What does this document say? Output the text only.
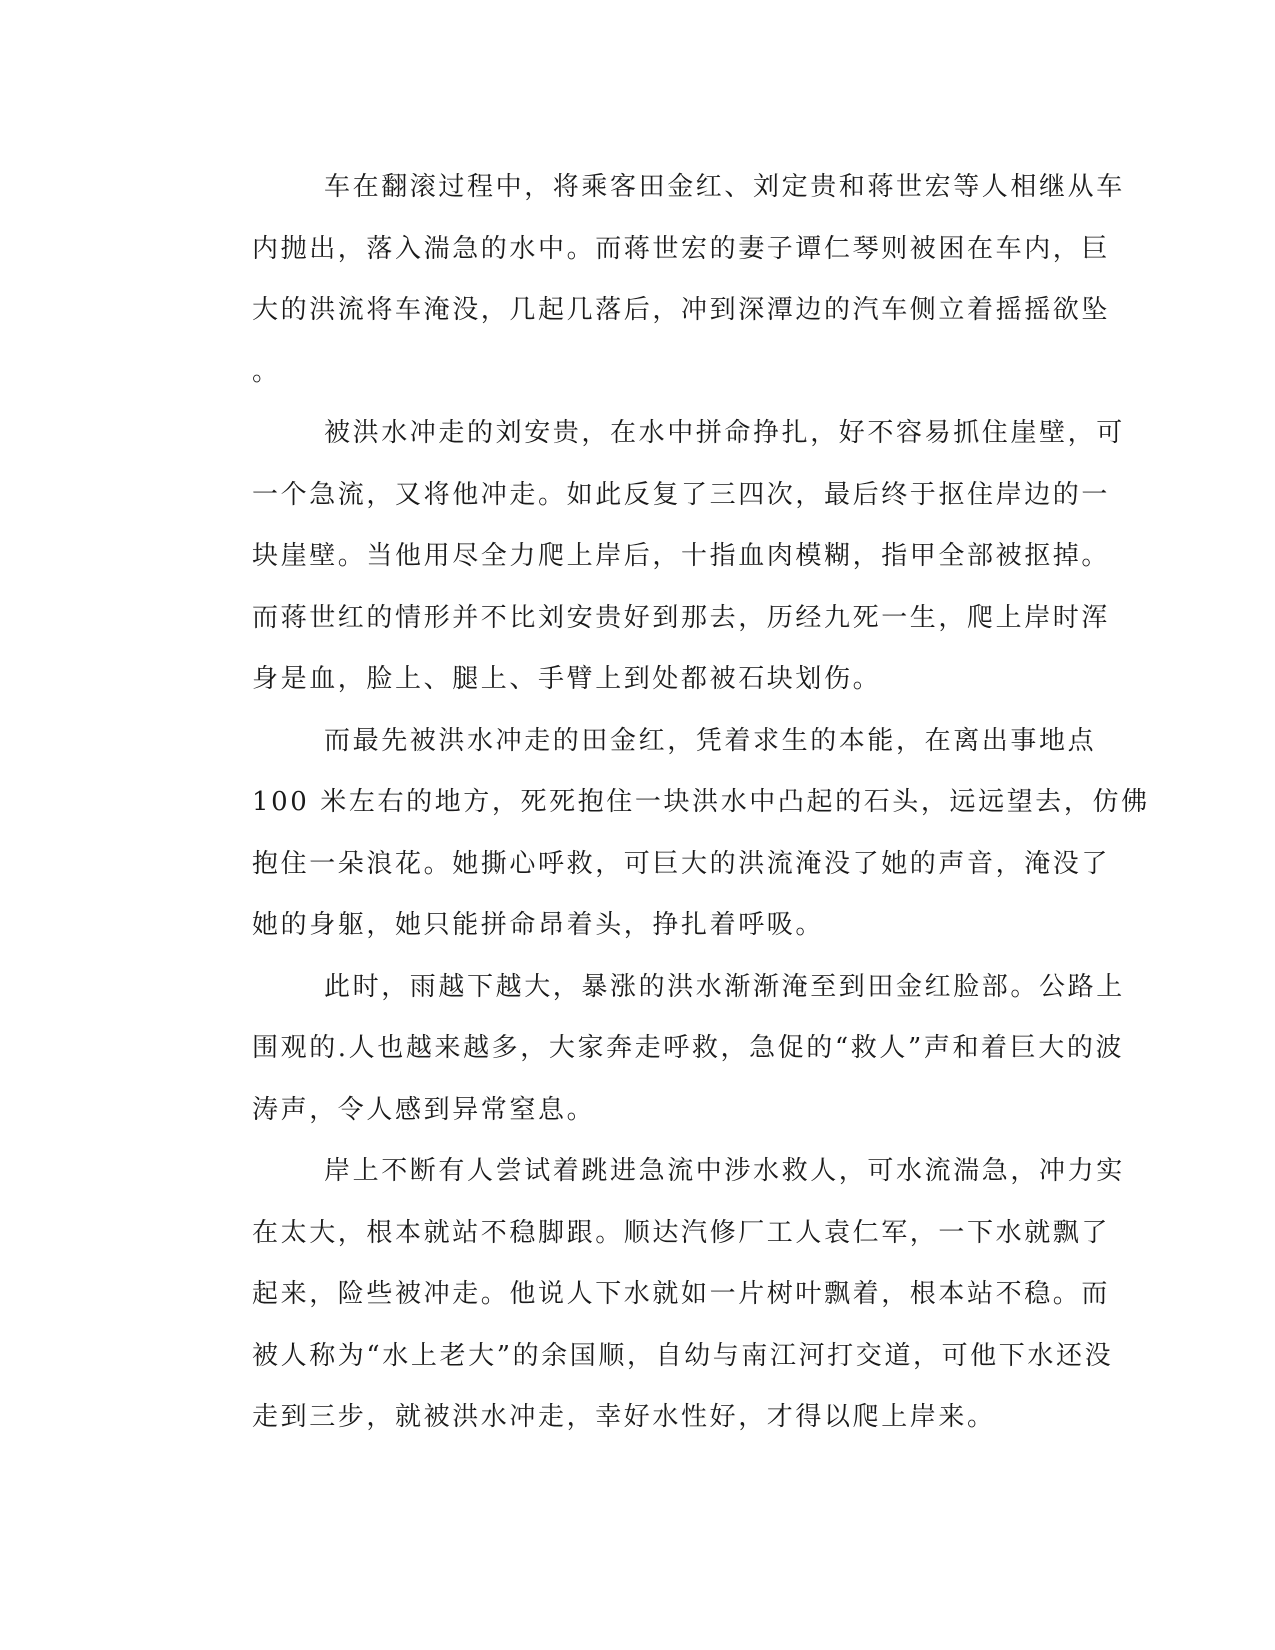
车在翻滚过程中，将乘客田金红、刘定贵和蒋世宏等人相继从车
内抛出，落入湍急的水中。而蒋世宏的妻子谭仁琴则被困在车内，巨
大的洪流将车淹没，几起几落后，冲到深潭边的汽车侧立着摇摇欲坠
。
被洪水冲走的刘安贵，在水中拼命挣扎，好不容易抓住崖壁，可
一个急流，又将他冲走。如此反复了三四次，最后终于抠住岸边的一
块崖壁。当他用尽全力爬上岸后，十指血肉模糊，指甲全部被抠掉。
而蒋世红的情形并不比刘安贵好到那去，历经九死一生，爬上岸时浑
身是血，脸上、腿上、手臂上到处都被石块划伤。
而最先被洪水冲走的田金红，凭着求生的本能，在离出事地点
100 米左右的地方，死死抱住一块洪水中凸起的石头，远远望去，仿佛
抱住一朵浪花。她撕心呼救，可巨大的洪流淹没了她的声音，淹没了
她的身躯，她只能拼命昂着头，挣扎着呼吸。
此时，雨越下越大，暴涨的洪水渐渐淹至到田金红脸部。公路上
围观的.人也越来越多，大家奔走呼救，急促的“救人”声和着巨大的波
涛声，令人感到异常窒息。
岸上不断有人尝试着跳进急流中涉水救人，可水流湍急，冲力实
在太大，根本就站不稳脚跟。顺达汽修厂工人袁仁军，一下水就飘了
起来，险些被冲走。他说人下水就如一片树叶飘着，根本站不稳。而
被人称为“水上老大”的余国顺，自幼与南江河打交道，可他下水还没
走到三步，就被洪水冲走，幸好水性好，才得以爬上岸来。
